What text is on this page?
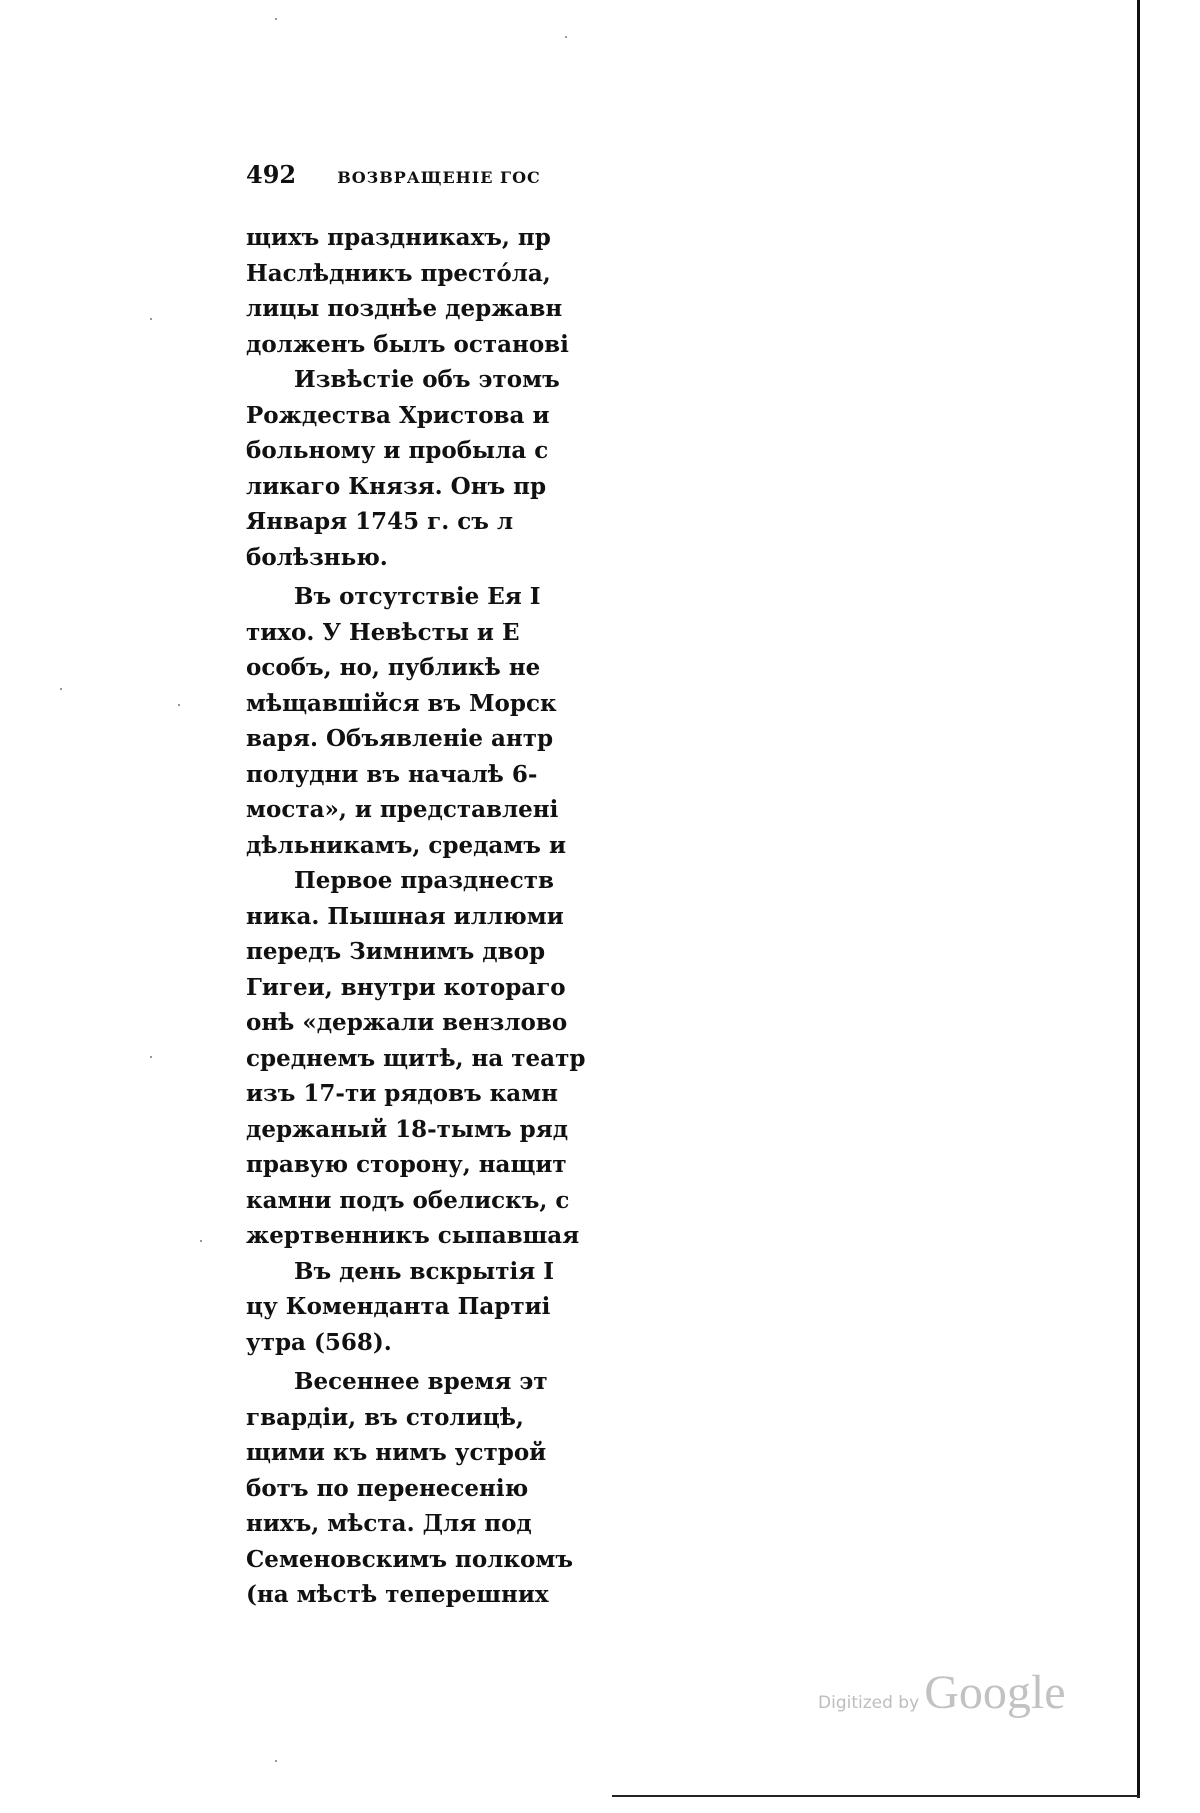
492	ВОЗВРАЩЕНІЕ ГОС
щихъ праздникахъ, пр
Наслѣдникъ престóла,
лицы позднѣе державн
долженъ былъ останові
Извѣстіе объ этомъ
Рождества Христова и
больному и пробыла с
ликаго Князя. Онъ пр
Января 1745 г. съ л
болѣзнью.
Въ отсутствіе Ея І
тихо. У Невѣсты и Е
особъ, но, публикѣ не
мѣщавшійся въ Морск
варя. Объявленіе антр
полудни въ началѣ 6-
моста», и представлені
дѣльникамъ, средамъ и
Первое празднеств
ника. Пышная иллюми
передъ Зимнимъ двор
Гигеи, внутри котораго
онѣ «держали вензлово
среднемъ щитѣ, на театр
изъ 17-ти рядовъ камн
держаный 18-тымъ ряд
правую сторону, нащит
камни подъ обелискъ, с
жертвенникъ сыпавшая
Въ день вскрытія І
цу Коменданта Партиі
утра (568).
Весеннее время эт
гвардіи, въ столицѣ,
щими къ нимъ устрой
ботъ по перенесенію
нихъ, мѣста. Для под
Семеновскимъ полкомъ
(на мѣстѣ теперешних
Digitized by Google
